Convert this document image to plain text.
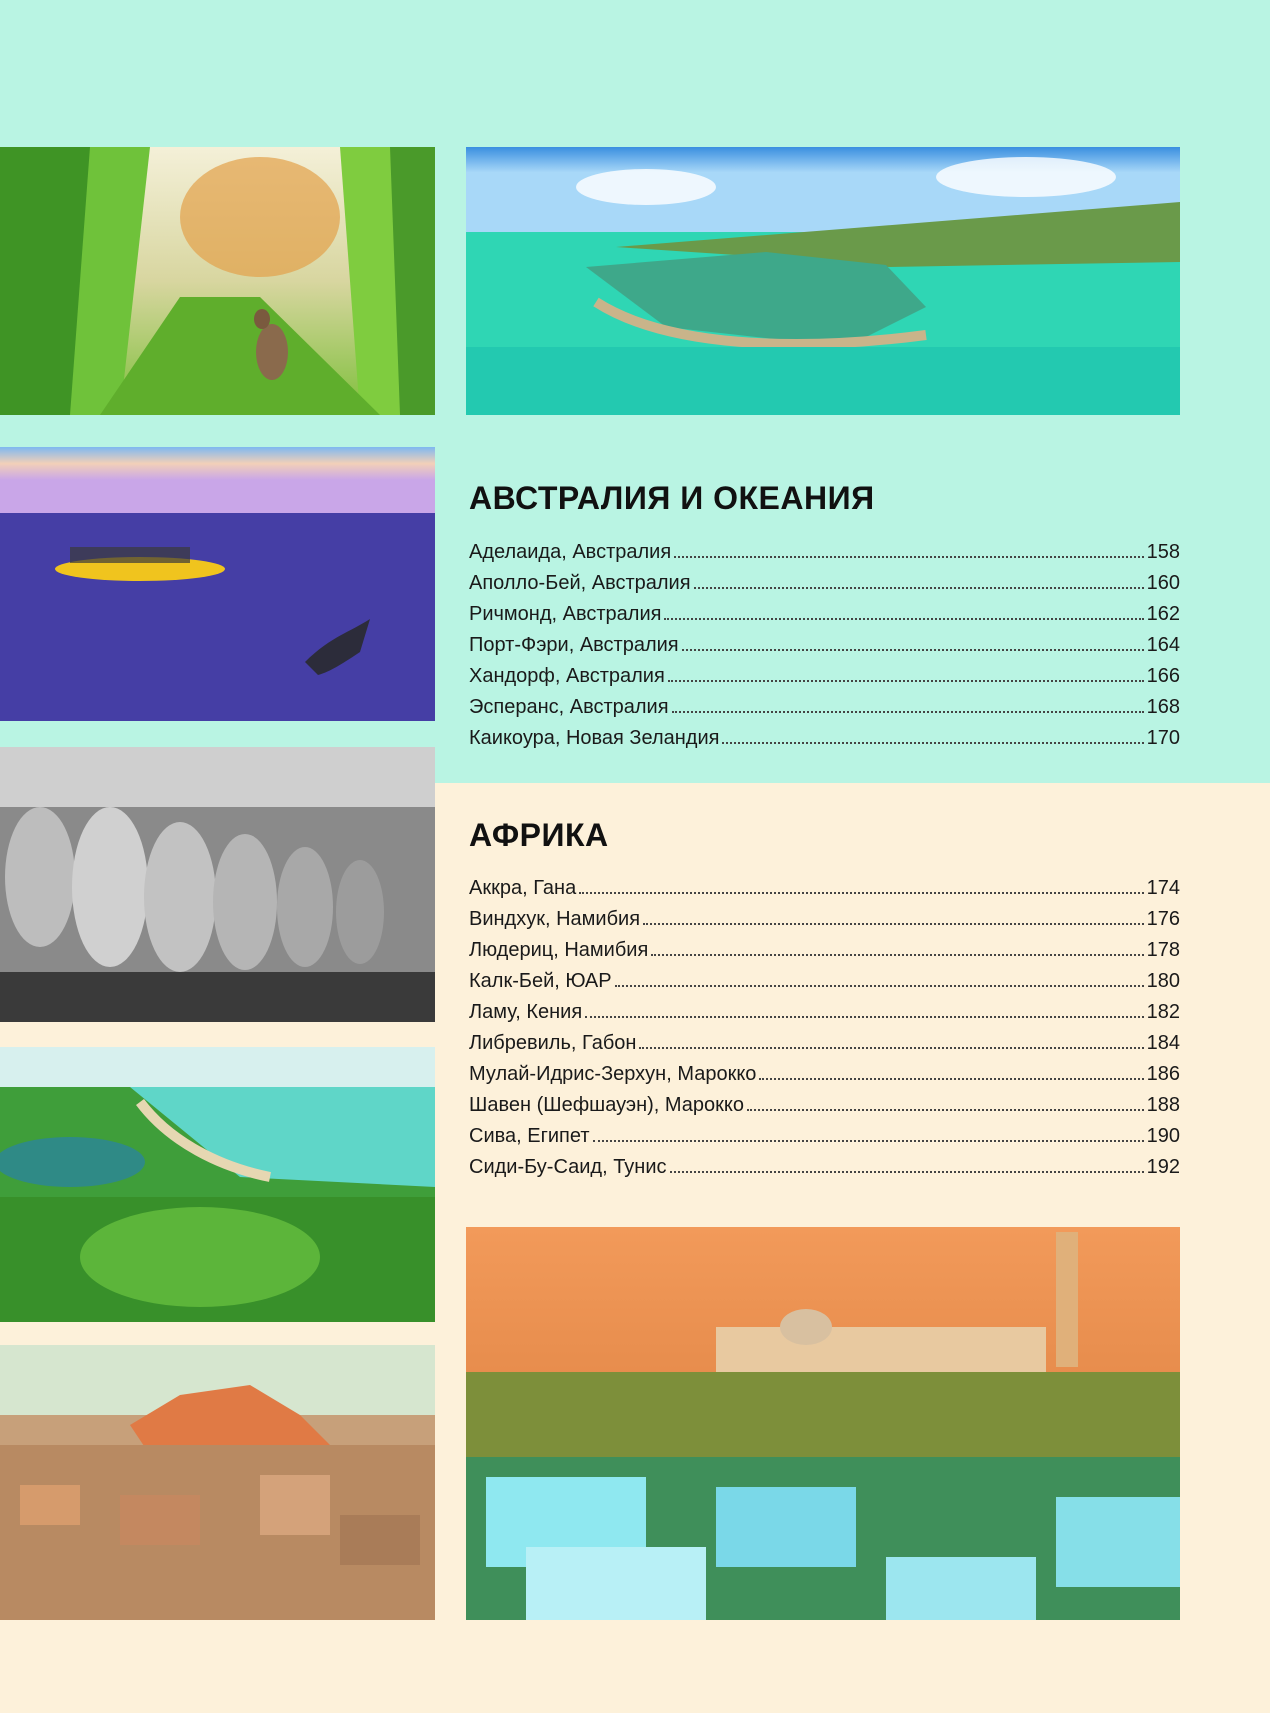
АВСТРАЛИЯ И ОКЕАНИЯ
Аделаида, Австралия	158
Аполло-Бей, Австралия	160
Ричмонд, Австралия	162
Порт-Фэри, Австралия	164
Хандорф, Австралия	166
Эсперанс, Австралия	168
Каикоура, Новая Зеландия	170
АФРИКА
Аккра, Гана	174
Виндхук, Намибия	176
Людериц, Намибия	178
Калк-Бей, ЮАР	180
Ламу, Кения	182
Либревиль, Габон	184
Мулай-Идрис-Зерхун, Марокко	186
Шавен (Шефшауэн), Марокко	188
Сива, Египет	190
Сиди-Бу-Саид, Тунис	192
